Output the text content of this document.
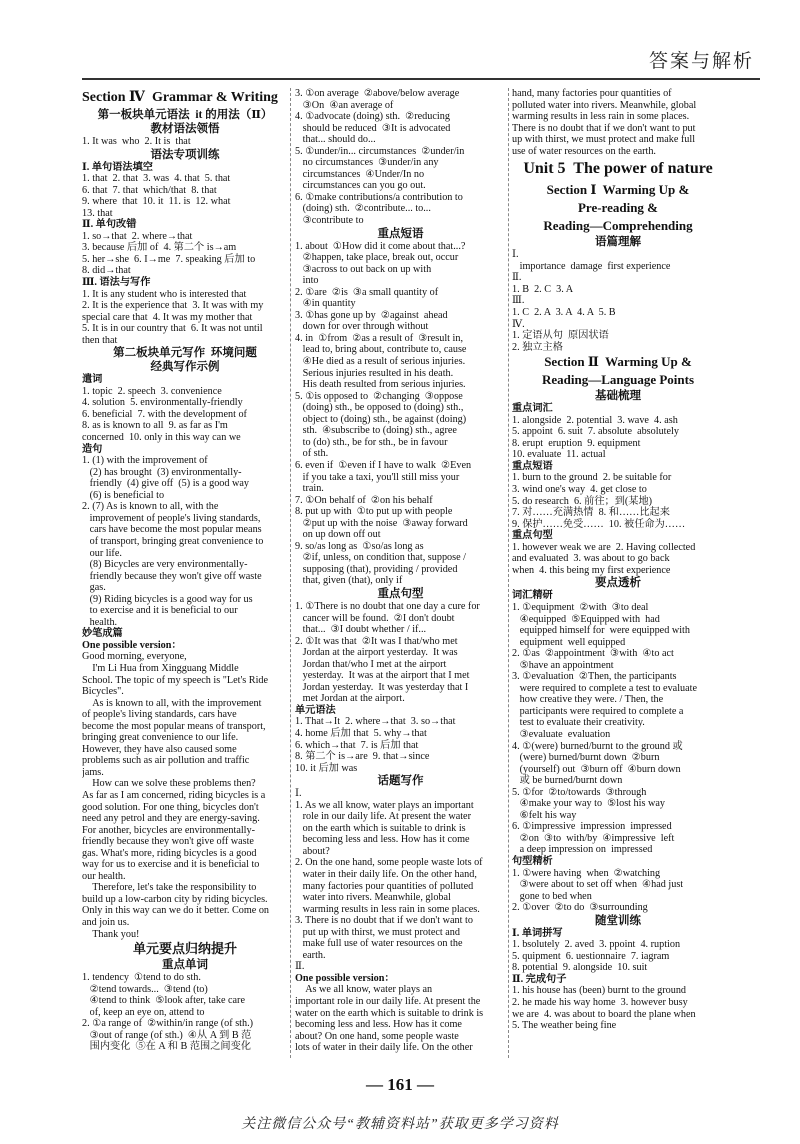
答案与解析
Section Ⅳ  Grammar & Writing
第一板块单元语法  it 的用法（Ⅱ）
教材语法领悟
1. It was  who  2. It is  that
语法专项训练
Ⅰ. 单句语法填空
1. that  2. that  3. was  4. that  5. that
6. that  7. that  which/that  8. that
9. where  that  10. it  11. is  12. what
13. that
Ⅱ. 单句改错
1. so→that  2. where→that
3. because 后加 of  4. 第二个 is→am
5. her→she  6. I→me  7. speaking 后加 to
8. did→that
Ⅲ. 语法与写作
1. It is any student who is interested that
2. It is the experience that  3. It was with my
special care that  4. It was my mother that
5. It is in our country that  6. It was not until
then that
第二板块单元写作  环境问题
经典写作示例
遣词
1. topic  2. speech  3. convenience
4. solution  5. environmentally-friendly
6. beneficial  7. with the development of
8. as is known to all  9. as far as I'm
concerned  10. only in this way can we
造句
1. (1) with the improvement of
(2) has brought  (3) environmentally-
friendly  (4) give off  (5) is a good way
(6) is beneficial to
2. (7) As is known to all, with the
improvement of people's living standards,
cars have become the most popular means
of transport, bringing great convenience to
our life.
(8) Bicycles are very environmentally-
friendly because they won't give off waste
gas.
(9) Riding bicycles is a good way for us
to exercise and it is beneficial to our
health.
妙笔成篇
One possible version：
Good morning, everyone,
I'm Li Hua from Xingguang Middle
School. The topic of my speech is "Let's Ride
Bicycles".
As is known to all, with the improvement
of people's living standards, cars have
become the most popular means of transport,
bringing great convenience to our life.
However, they have also caused some
problems such as air pollution and traffic
jams.
How can we solve these problems then?
As far as I am concerned, riding bicycles is a
good solution. For one thing, bicycles don't
need any petrol and they are energy-saving.
For another, bicycles are environmentally-
friendly because they won't give off waste
gas. What's more, riding bicycles is a good
way for us to exercise and it is beneficial to
our health.
Therefore, let's take the responsibility to
build up a low-carbon city by riding bicycles.
Only in this way can we do it better. Come on
and join us.
Thank you!
单元要点归纳提升
重点单词
1. tendency  ①tend to do sth.
②tend towards...  ③tend (to)
④tend to think  ⑤look after, take care
of, keep an eye on, attend to
2. ①a range of  ②within/in range (of sth.)
③out of range (of sth.)  ④从 A 到 B 范
围内变化  ⑤在 A 和 B 范围之间变化
3. ①on average  ②above/below average
③On  ④an average of
4. ①advocate (doing) sth.  ②reducing
should be reduced  ③It is advocated
that... should do...
5. ①under/in... circumstances  ②under/in
no circumstances  ③under/in any
circumstances  ④Under/In no
circumstances can you go out.
6. ①make contributions/a contribution to
(doing) sth.  ②contribute... to...
③contribute to
重点短语
1. about  ①How did it come about that...?
②happen, take place, break out, occur
③across to out back on up with
into
2. ①are  ②is  ③a small quantity of
④in quantity
3. ①has gone up by  ②against  ahead
down for over through without
4. in  ①from  ②as a result of  ③result in,
lead to, bring about, contribute to, cause
④He died as a result of serious injuries.
Serious injuries resulted in his death.
His death resulted from serious injuries.
5. ①is opposed to  ②changing  ③oppose
(doing) sth., be opposed to (doing) sth.,
object to (doing) sth., be against (doing)
sth.  ④subscribe to (doing) sth., agree
to (do) sth., be for sth., be in favour
of sth.
6. even if  ①even if I have to walk  ②Even
if you take a taxi, you'll still miss your
train.
7. ①On behalf of  ②on his behalf
8. put up with  ①to put up with people
②put up with the noise  ③away forward
on up down off out
9. so/as long as  ①so/as long as
②if, unless, on condition that, suppose /
supposing (that), providing / provided
that, given (that), only if
重点句型
1. ①There is no doubt that one day a cure for
cancer will be found.  ②I don't doubt
that...  ③I doubt whether / if...
2. ①It was that  ②It was I that/who met
Jordan at the airport yesterday.  It was
Jordan that/who I met at the airport
yesterday.  It was at the airport that I met
Jordan yesterday.  It was yesterday that I
met Jordan at the airport.
单元语法
1. That→It  2. where→that  3. so→that
4. home 后加 that  5. why→that
6. which→that  7. is 后加 that
8. 第二个 is→are  9. that→since
10. it 后加 was
话题写作
Ⅰ.
1. As we all know, water plays an important
role in our daily life. At present the water
on the earth which is suitable to drink is
becoming less and less. How has it come
about?
2. On the one hand, some people waste lots of
water in their daily life. On the other hand,
many factories pour quantities of polluted
water into rivers. Meanwhile, global
warming results in less rain in some places.
3. There is no doubt that if we don't want to
put up with thirst, we must protect and
make full use of water resources on the
earth.
Ⅱ.
One possible version：
As we all know, water plays an
important role in our daily life. At present the
water on the earth which is suitable to drink is
becoming less and less. How has it come
about? On one hand, some people waste
lots of water in their daily life. On the other
hand, many factories pour quantities of
polluted water into rivers. Meanwhile, global
warming results in less rain in some places.
There is no doubt that if we don't want to put
up with thirst, we must protect and make full
use of water resources on the earth.
Unit 5  The power of nature
Section Ⅰ  Warming Up &
Pre-reading &
Reading—Comprehending
语篇理解
Ⅰ.
importance  damage  first experience
Ⅱ.
1. B  2. C  3. A
Ⅲ.
1. C  2. A  3. A  4. A  5. B
Ⅳ.
1. 定语从句  原因状语
2. 独立主格
Section Ⅱ  Warming Up &
Reading—Language Points
基础梳理
重点词汇
1. alongside  2. potential  3. wave  4. ash
5. appoint  6. suit  7. absolute  absolutely
8. erupt  eruption  9. equipment
10. evaluate  11. actual
重点短语
1. burn to the ground  2. be suitable for
3. wind one's way  4. get close to
5. do research  6. 前往；到(某地)
7. 对……充满热情  8. 和……比起来
9. 保护……免受……  10. 被任命为……
重点句型
1. however weak we are  2. Having collected
and evaluated  3. was about to go back
when  4. this being my first experience
要点透析
词汇精研
1. ①equipment  ②with  ③to deal
④equipped  ⑤Equipped with  had
equipped himself for  were equipped with
equipment  well equipped
2. ①as  ②appointment  ③with  ④to act
⑤have an appointment
3. ①evaluation  ②Then, the participants
were required to complete a test to evaluate
how creative they were. / Then, the
participants were required to complete a
test to evaluate their creativity.
③evaluate  evaluation
4. ①(were) burned/burnt to the ground 或
(were) burned/burnt down  ②burn
(yourself) out  ③burn off  ④burn down
或 be burned/burnt down
5. ①for  ②to/towards  ③through
④make your way to  ⑤lost his way
⑥felt his way
6. ①impressive  impression  impressed
②on  ③to  with/by  ④impressive  left
a deep impression on  impressed
句型精析
1. ①were having  when  ②watching
③were about to set off when  ④had just
gone to bed when
2. ①over  ②to do  ③surrounding
随堂训练
Ⅰ. 单词拼写
1. bsolutely  2. aved  3. ppoint  4. ruption
5. quipment  6. uestionnaire  7. iagram
8. potential  9. alongside  10. suit
Ⅱ. 完成句子
1. his house has (been) burnt to the ground
2. he made his way home  3. however busy
we are  4. was about to board the plane when
5. The weather being fine
— 161 —
关注微信公众号“教辅资料站”获取更多学习资料
